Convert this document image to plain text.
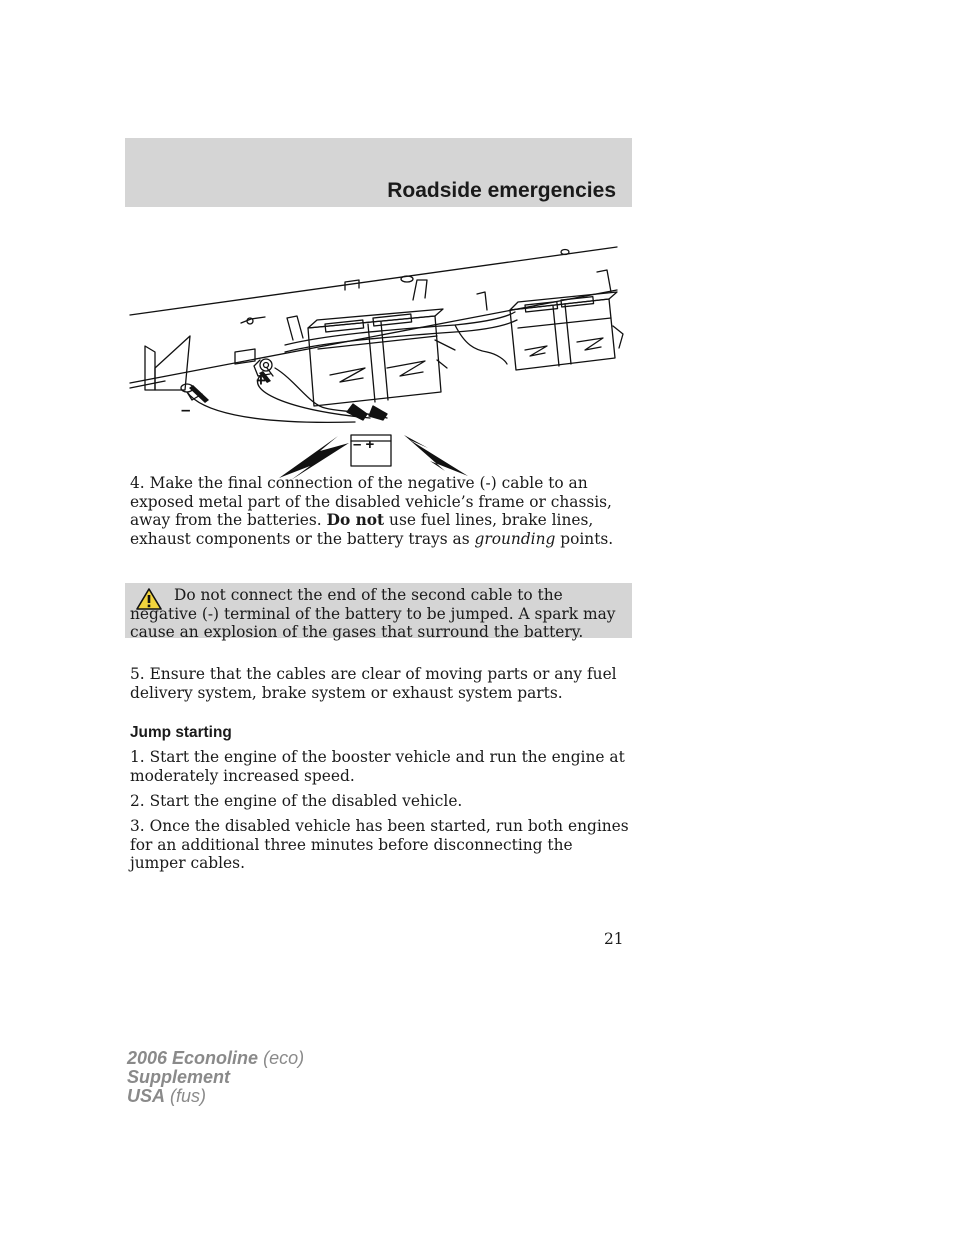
Roadside emergencies
–
+
– +

4. Make the final connection of the negative (-) cable to an exposed metal part of the disabled vehicle’s frame or chassis, away from the batteries. Do not use fuel lines, brake lines, exhaust components or the battery trays as grounding points.

Do not connect the end of the second cable to the negative (-) terminal of the battery to be jumped. A spark may cause an explosion of the gases that surround the battery.

5. Ensure that the cables are clear of moving parts or any fuel delivery system, brake system or exhaust system parts.

Jump starting

1. Start the engine of the booster vehicle and run the engine at moderately increased speed.

2. Start the engine of the disabled vehicle.

3. Once the disabled vehicle has been started, run both engines for an additional three minutes before disconnecting the jumper cables.

21
2006 Econoline (eco)
Supplement
USA (fus)
